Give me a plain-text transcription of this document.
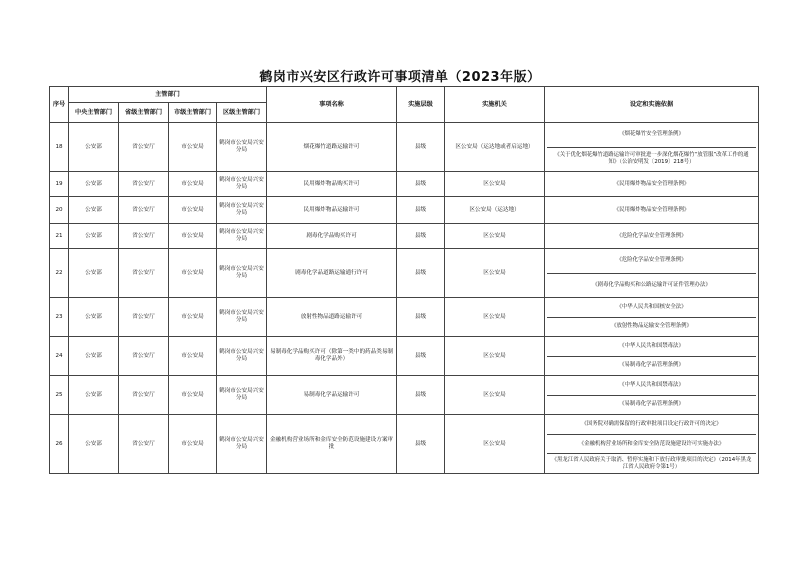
鹤岗市兴安区行政许可事项清单（2023年版）
序号	主管部门				事项名称	实施层级	实施机关	设定和实施依据
	中央主管部门	省级主管部门	市级主管部门	区级主管部门				
18	公安部	省公安厅	市公安局	鹤岗市公安局兴安分局	烟花爆竹道路运输许可	县级	区公安局（运达地或者启运地）	《烟花爆竹安全管理条例》
《关于优化烟花爆竹道路运输许可审批进一步深化烟花爆竹“放管服”改革工作的通知》（公治安明发〔2019〕218号）

19	公安部	省公安厅	市公安局	鹤岗市公安局兴安分局	民用爆炸物品购买许可	县级	区公安局	《民用爆炸物品安全管理条例》

20	公安部	省公安厅	市公安局	鹤岗市公安局兴安分局	民用爆炸物品运输许可	县级	区公安局（运达地）	《民用爆炸物品安全管理条例》

21	公安部	省公安厅	市公安局	鹤岗市公安局兴安分局	剧毒化学品购买许可	县级	区公安局	《危险化学品安全管理条例》

22	公安部	省公安厅	市公安局	鹤岗市公安局兴安分局	剧毒化学品道路运输通行许可	县级	区公安局	《危险化学品安全管理条例》
《剧毒化学品购买和公路运输许可证件管理办法》

23	公安部	省公安厅	市公安局	鹤岗市公安局兴安分局	放射性物品道路运输许可	县级	区公安局	《中华人民共和国核安全法》
《放射性物品运输安全管理条例》

24	公安部	省公安厅	市公安局	鹤岗市公安局兴安分局	易制毒化学品购买许可（除第一类中的药品类易制毒化学品外）	县级	区公安局	《中华人民共和国禁毒法》
《易制毒化学品管理条例》

25	公安部	省公安厅	市公安局	鹤岗市公安局兴安分局	易制毒化学品运输许可	县级	区公安局	《中华人民共和国禁毒法》
《易制毒化学品管理条例》

26	公安部	省公安厅	市公安局	鹤岗市公安局兴安分局	金融机构营业场所和金库安全防范设施建设方案审批	县级	区公安局	《国务院对确需保留的行政审批项目设定行政许可的决定》
《金融机构营业场所和金库安全防范设施建设许可实施办法》
《黑龙江省人民政府关于取消、暂停实施和下放行政审批项目的决定》（2014年黑龙江省人民政府令第1号）
